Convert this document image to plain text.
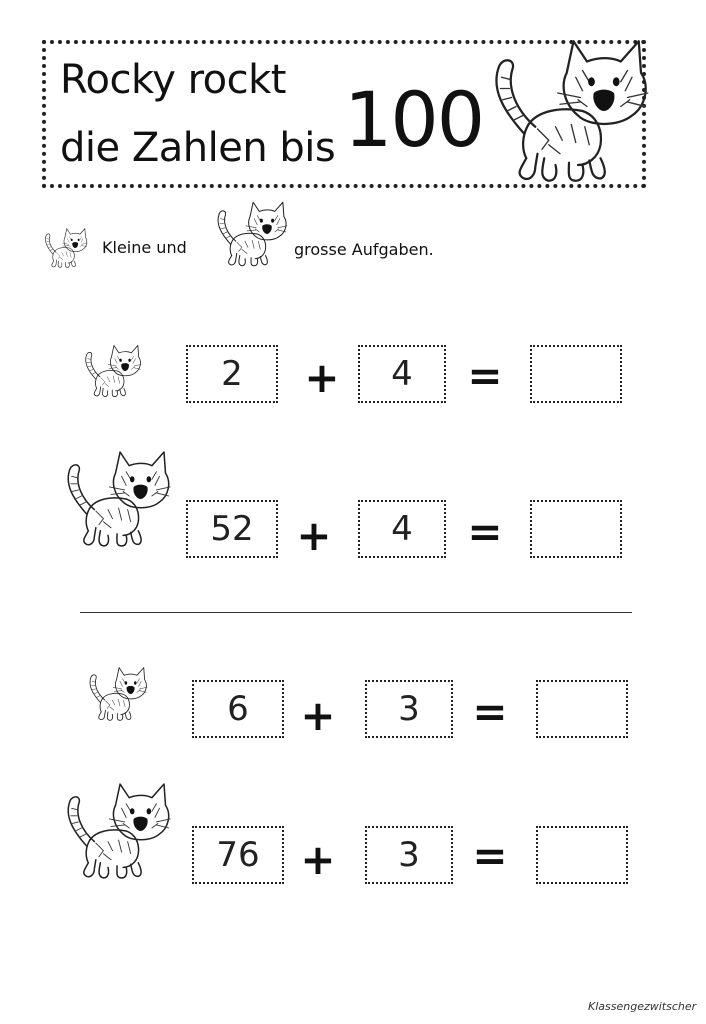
Rocky rockt
die Zahlen bis 100
Kleine und	grosse Aufgaben.
2	+	4	=
52	+	4	=
6	+	3	=
76 +	3	=
Klassengezwitscher
